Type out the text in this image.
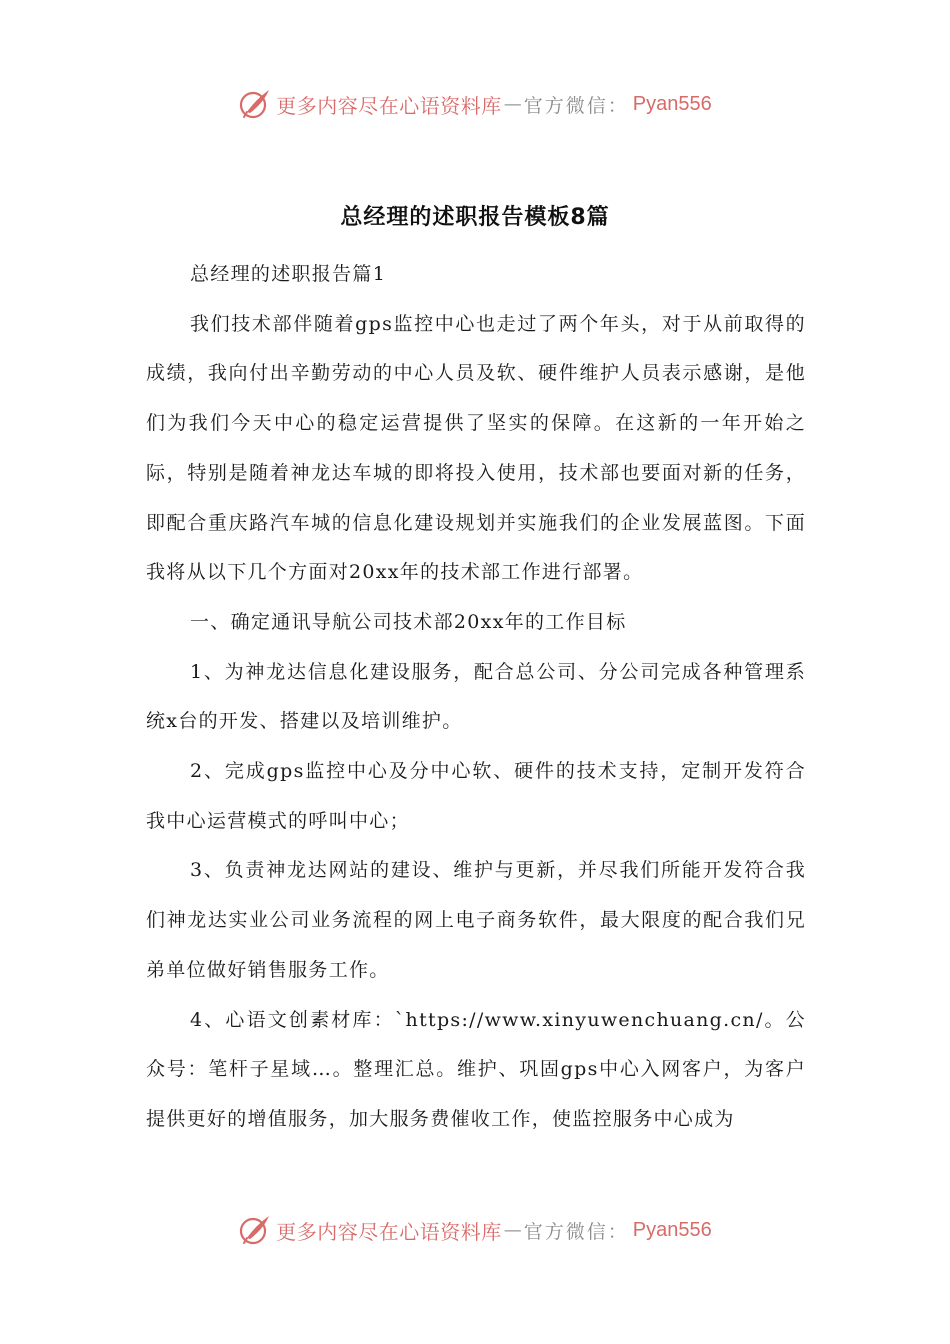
更多内容尽在心语资料库 — 官方微信： Pyan556
总经理的述职报告模板8篇

总经理的述职报告篇1

我们技术部伴随着gps监控中心也走过了两个年头，对于从前取得的成绩，我向付出辛勤劳动的中心人员及软、硬件维护人员表示感谢，是他们为我们今天中心的稳定运营提供了坚实的保障。在这新的一年开始之际，特别是随着神龙达车城的即将投入使用，技术部也要面对新的任务，即配合重庆路汽车城的信息化建设规划并实施我们的企业发展蓝图。下面我将从以下几个方面对20xx年的技术部工作进行部署。

一、确定通讯导航公司技术部20xx年的工作目标

1、为神龙达信息化建设服务，配合总公司、分公司完成各种管理系统x台的开发、搭建以及培训维护。

2、完成gps监控中心及分中心软、硬件的技术支持，定制开发符合我中心运营模式的呼叫中心；

3、负责神龙达网站的建设、维护与更新，并尽我们所能开发符合我们神龙达实业公司业务流程的网上电子商务软件，最大限度的配合我们兄弟单位做好销售服务工作。

4、心语文创素材库：`https://www.xinyuwenchuang.cn/。公众号：笔杆子星域…。整理汇总。维护、巩固gps中心入网客户，为客户提供更好的增值服务，加大服务费催收工作，使监控服务中心成为

更多内容尽在心语资料库 — 官方微信： Pyan556
